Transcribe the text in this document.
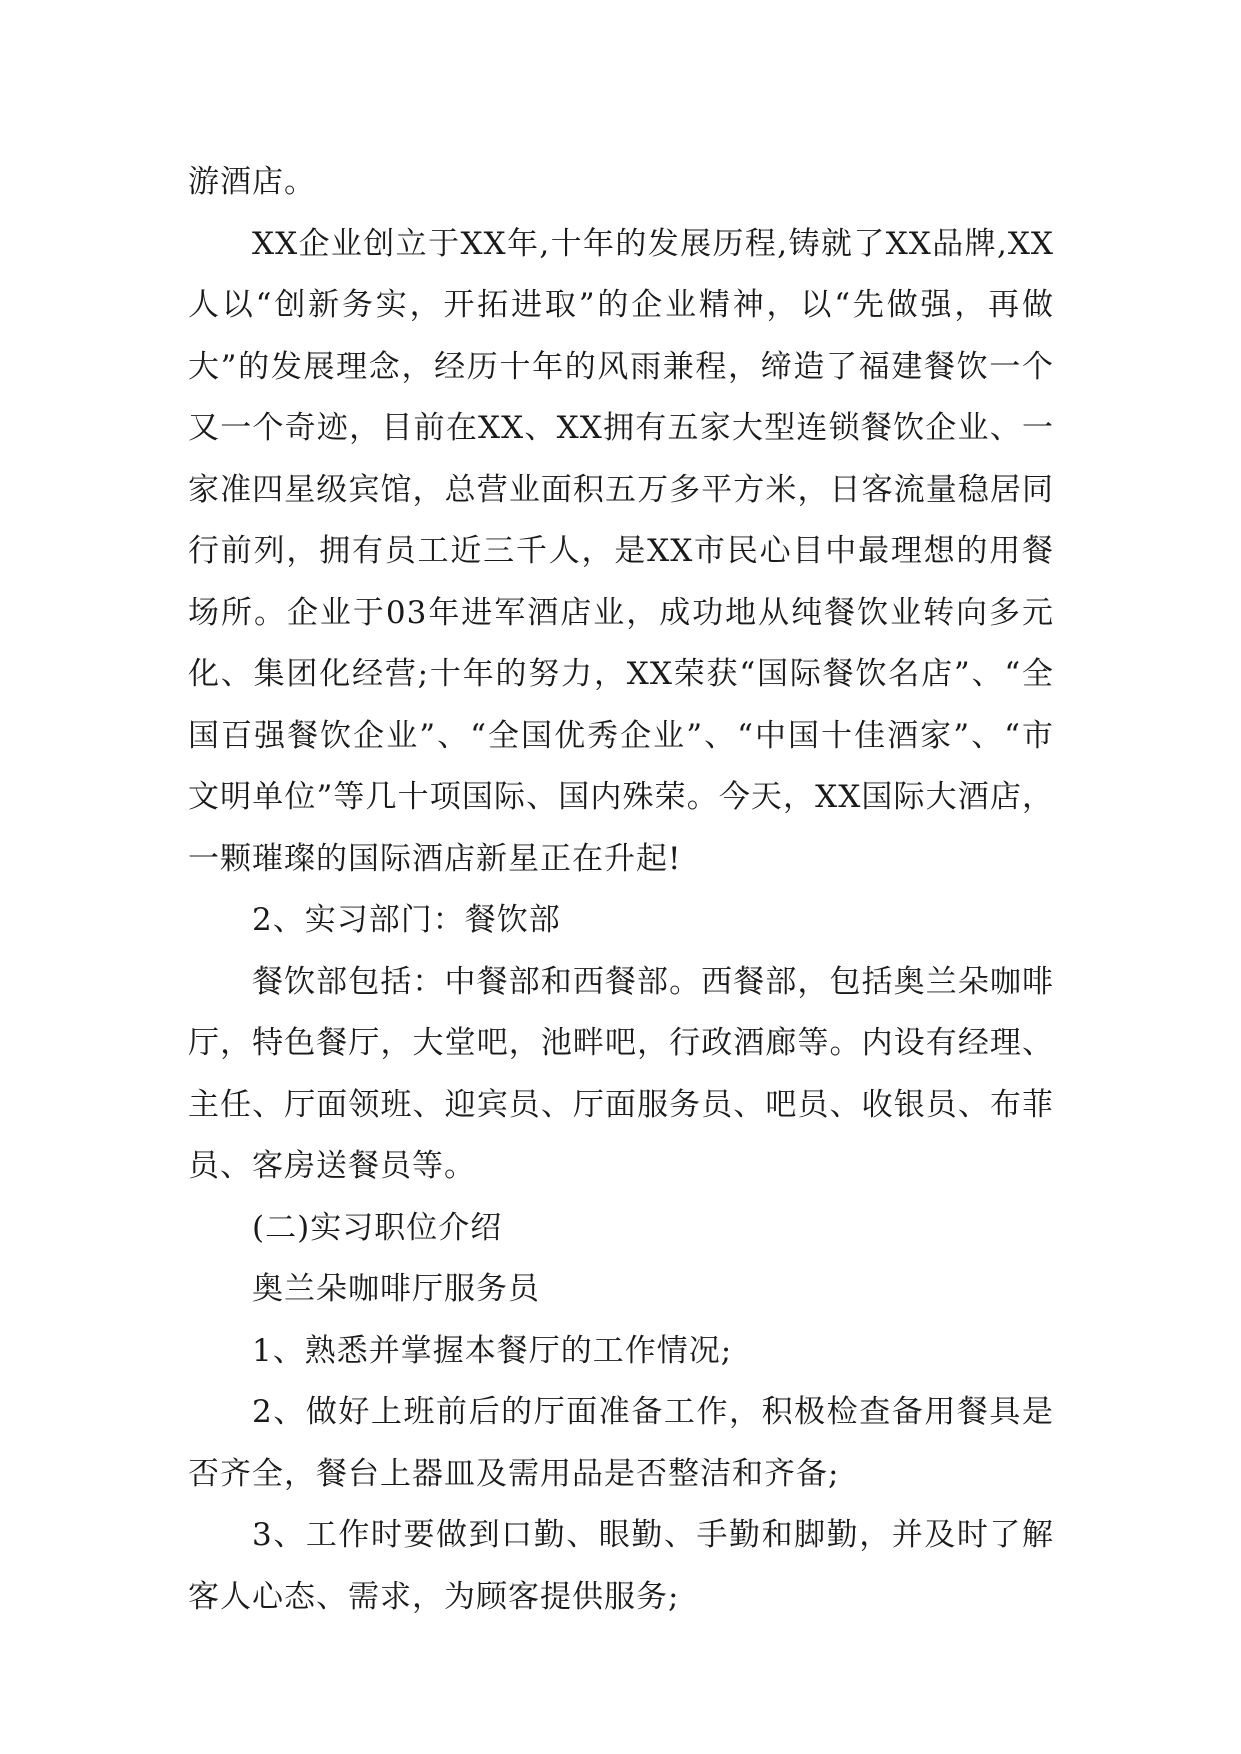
游酒店。

XX企业创立于XX年,十年的发展历程,铸就了XX品牌,XX人以“创新务实，开拓进取”的企业精神，以“先做强，再做大”的发展理念，经历十年的风雨兼程，缔造了福建餐饮一个又一个奇迹，目前在XX、XX拥有五家大型连锁餐饮企业、一家准四星级宾馆，总营业面积五万多平方米，日客流量稳居同行前列，拥有员工近三千人，是XX市民心目中最理想的用餐场所。企业于03年进军酒店业，成功地从纯餐饮业转向多元化、集团化经营;十年的努力，XX荣获“国际餐饮名店”、“全国百强餐饮企业”、“全国优秀企业”、“中国十佳酒家”、“市文明单位”等几十项国际、国内殊荣。今天，XX国际大酒店，一颗璀璨的国际酒店新星正在升起!

2、实习部门：餐饮部

餐饮部包括：中餐部和西餐部。西餐部，包括奥兰朵咖啡厅，特色餐厅，大堂吧，池畔吧，行政酒廊等。内设有经理、主任、厅面领班、迎宾员、厅面服务员、吧员、收银员、布菲员、客房送餐员等。

(二)实习职位介绍

奥兰朵咖啡厅服务员

1、熟悉并掌握本餐厅的工作情况;

2、做好上班前后的厅面准备工作，积极检查备用餐具是否齐全，餐台上器皿及需用品是否整洁和齐备;

3、工作时要做到口勤、眼勤、手勤和脚勤，并及时了解客人心态、需求，为顾客提供服务;
